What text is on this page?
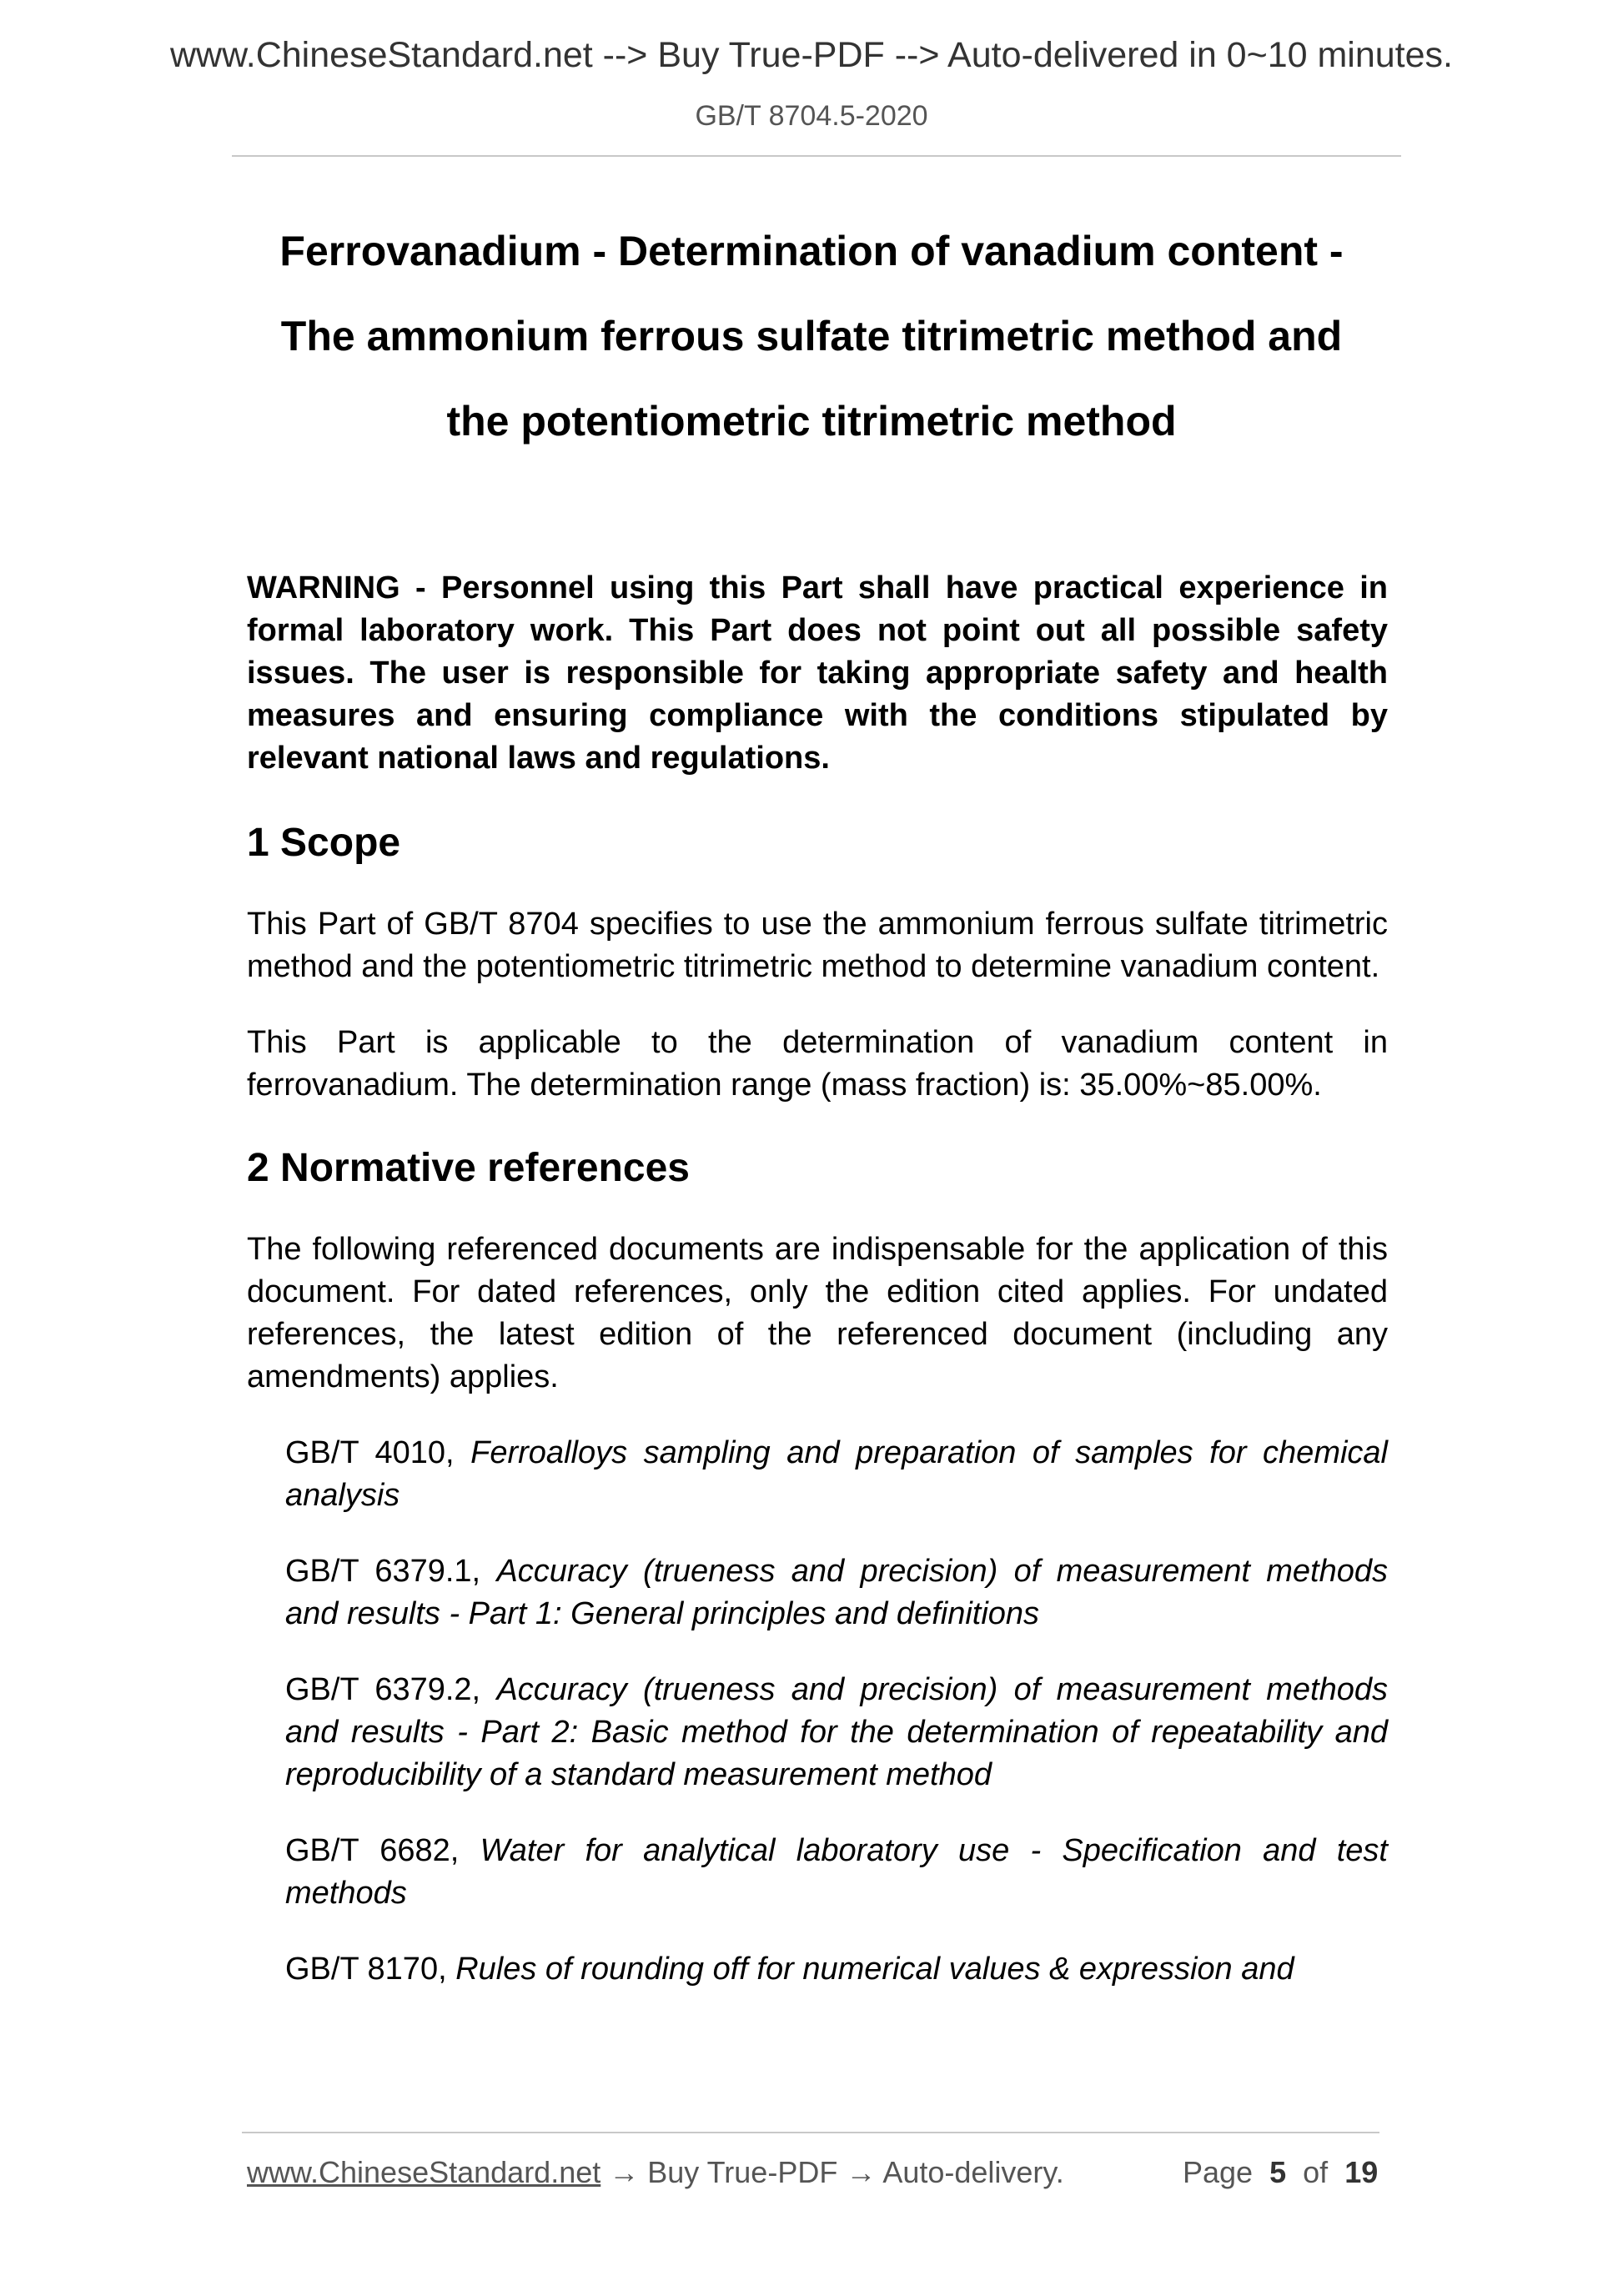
www.ChineseStandard.net --> Buy True-PDF --> Auto-delivered in 0~10 minutes.
GB/T 8704.5-2020
Ferrovanadium - Determination of vanadium content -
The ammonium ferrous sulfate titrimetric method and
the potentiometric titrimetric method

WARNING - Personnel using this Part shall have practical experience in formal laboratory work. This Part does not point out all possible safety issues. The user is responsible for taking appropriate safety and health measures and ensuring compliance with the conditions stipulated by relevant national laws and regulations.

1 Scope

This Part of GB/T 8704 specifies to use the ammonium ferrous sulfate titrimetric method and the potentiometric titrimetric method to determine vanadium content.

This Part is applicable to the determination of vanadium content in ferrovanadium. The determination range (mass fraction) is: 35.00%~85.00%.

2 Normative references

The following referenced documents are indispensable for the application of this document. For dated references, only the edition cited applies. For undated references, the latest edition of the referenced document (including any amendments) applies.

GB/T 4010, Ferroalloys sampling and preparation of samples for chemical analysis

GB/T 6379.1, Accuracy (trueness and precision) of measurement methods and results - Part 1: General principles and definitions

GB/T 6379.2, Accuracy (trueness and precision) of measurement methods and results - Part 2: Basic method for the determination of repeatability and reproducibility of a standard measurement method

GB/T 6682, Water for analytical laboratory use - Specification and test methods

GB/T 8170, Rules of rounding off for numerical values & expression and

www.ChineseStandard.net → Buy True-PDF → Auto-delivery.	Page 5 of 19
